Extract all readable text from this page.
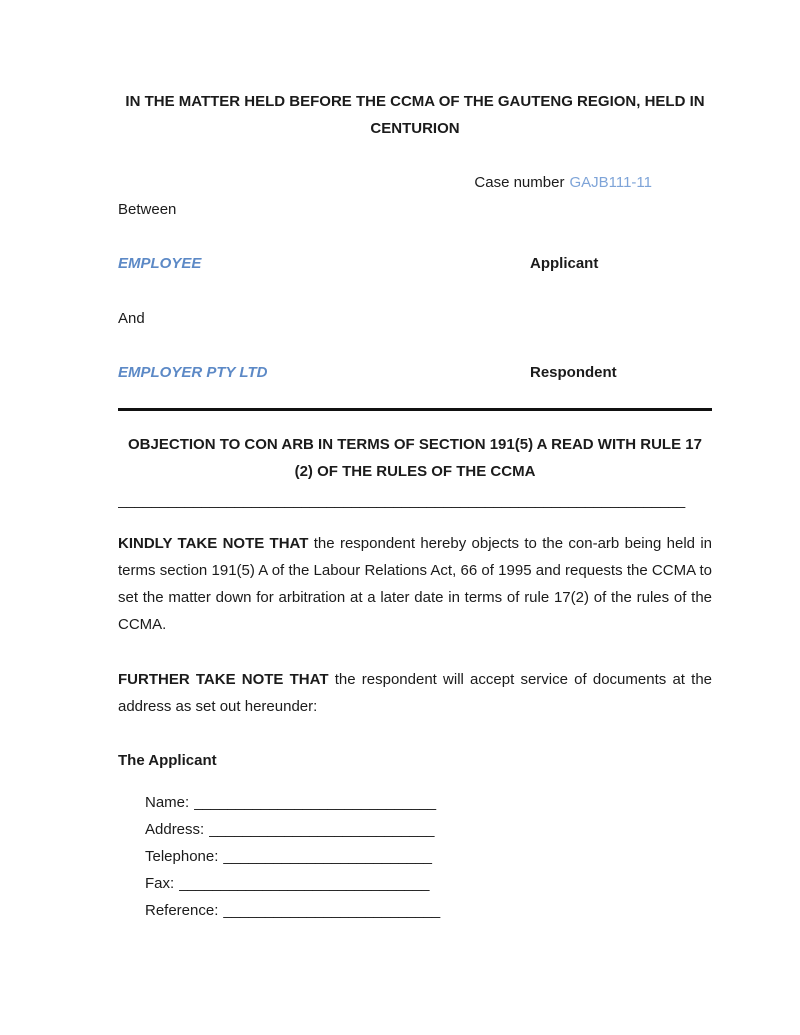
IN THE MATTER HELD BEFORE THE CCMA OF THE GAUTENG REGION, HELD IN CENTURION
Case number GAJB111-11
Between
EMPLOYEE	Applicant
And
EMPLOYER PTY LTD	Respondent
OBJECTION TO CON ARB IN TERMS OF SECTION 191(5) A READ WITH RULE 17 (2) OF THE RULES OF THE CCMA
____________________________________________________________________

KINDLY TAKE NOTE THAT the respondent hereby objects to the con-arb being held in terms section 191(5) A of the Labour Relations Act, 66 of 1995 and requests the CCMA to set the matter down for arbitration at a later date in terms of rule 17(2) of the rules of the CCMA.

FURTHER TAKE NOTE THAT the respondent will accept service of documents at the address as set out hereunder:

The Applicant
Name: _____________________________
Address: ___________________________
Telephone: _________________________
Fax: ______________________________
Reference: __________________________
